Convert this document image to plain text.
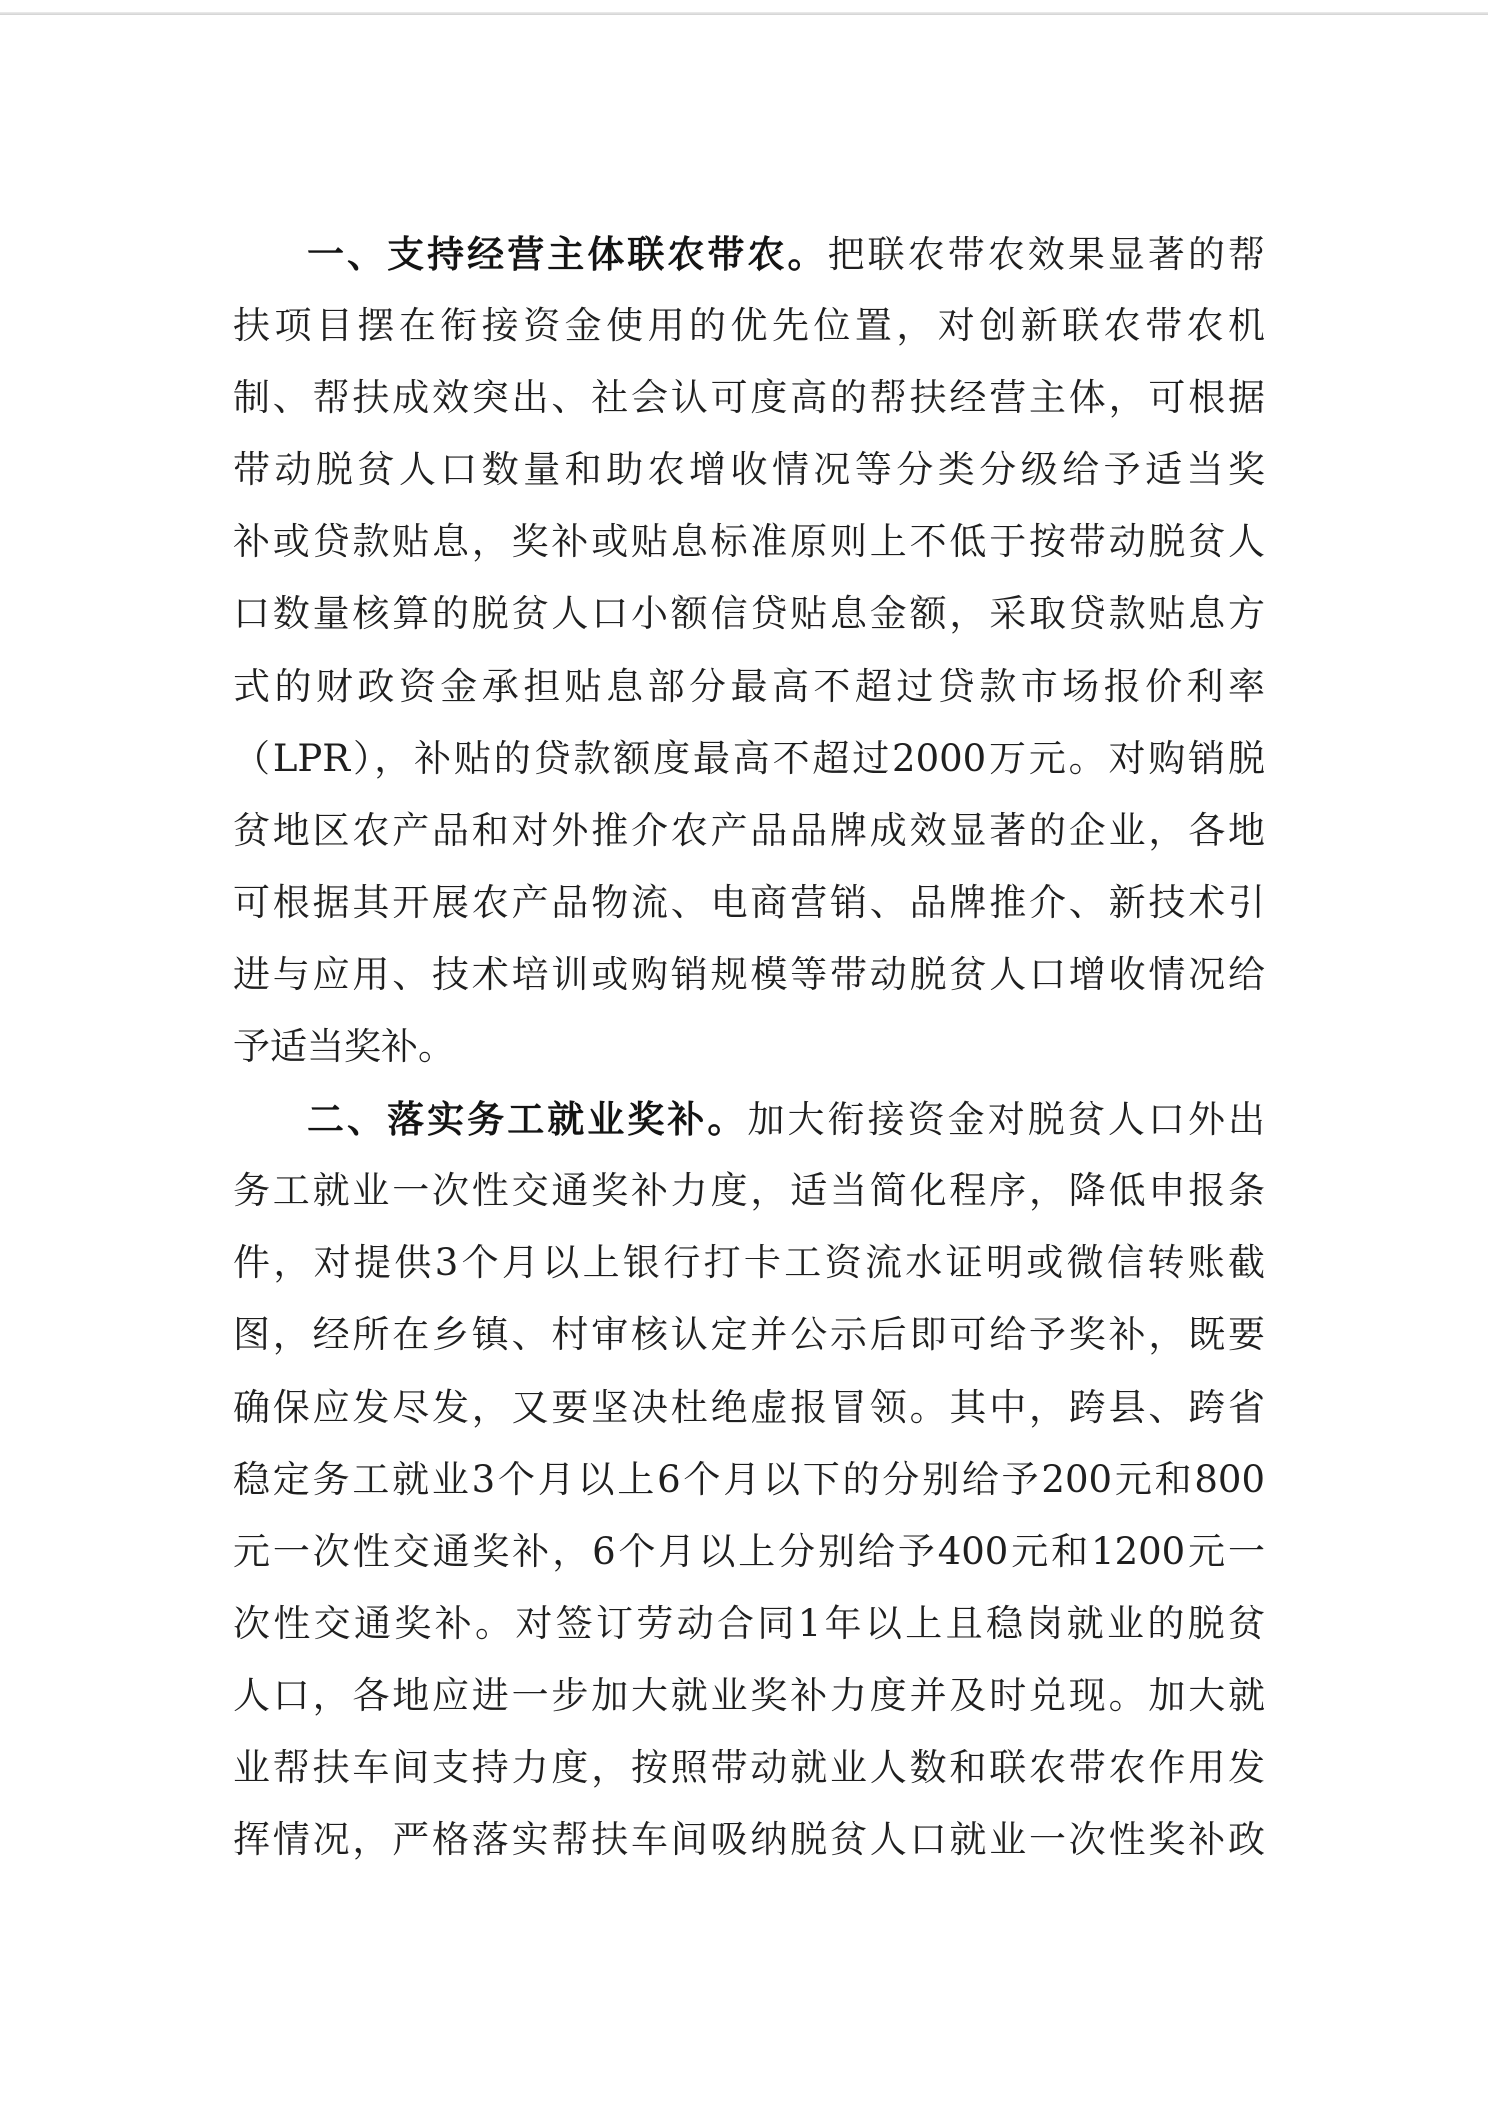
一、支持经营主体联农带农。把联农带农效果显著的帮
扶项目摆在衔接资金使用的优先位置，对创新联农带农机
制、帮扶成效突出、社会认可度高的帮扶经营主体，可根据
带动脱贫人口数量和助农增收情况等分类分级给予适当奖
补或贷款贴息，奖补或贴息标准原则上不低于按带动脱贫人
口数量核算的脱贫人口小额信贷贴息金额，采取贷款贴息方
式的财政资金承担贴息部分最高不超过贷款市场报价利率
（LPR），补贴的贷款额度最高不超过2000万元。对购销脱
贫地区农产品和对外推介农产品品牌成效显著的企业，各地
可根据其开展农产品物流、电商营销、品牌推介、新技术引
进与应用、技术培训或购销规模等带动脱贫人口增收情况给
予适当奖补。
二、落实务工就业奖补。加大衔接资金对脱贫人口外出
务工就业一次性交通奖补力度，适当简化程序，降低申报条
件，对提供3个月以上银行打卡工资流水证明或微信转账截
图，经所在乡镇、村审核认定并公示后即可给予奖补，既要
确保应发尽发，又要坚决杜绝虚报冒领。其中，跨县、跨省
稳定务工就业3个月以上6个月以下的分别给予200元和800
元一次性交通奖补，6个月以上分别给予400元和1200元一
次性交通奖补。对签订劳动合同1年以上且稳岗就业的脱贫
人口，各地应进一步加大就业奖补力度并及时兑现。加大就
业帮扶车间支持力度，按照带动就业人数和联农带农作用发
挥情况，严格落实帮扶车间吸纳脱贫人口就业一次性奖补政
